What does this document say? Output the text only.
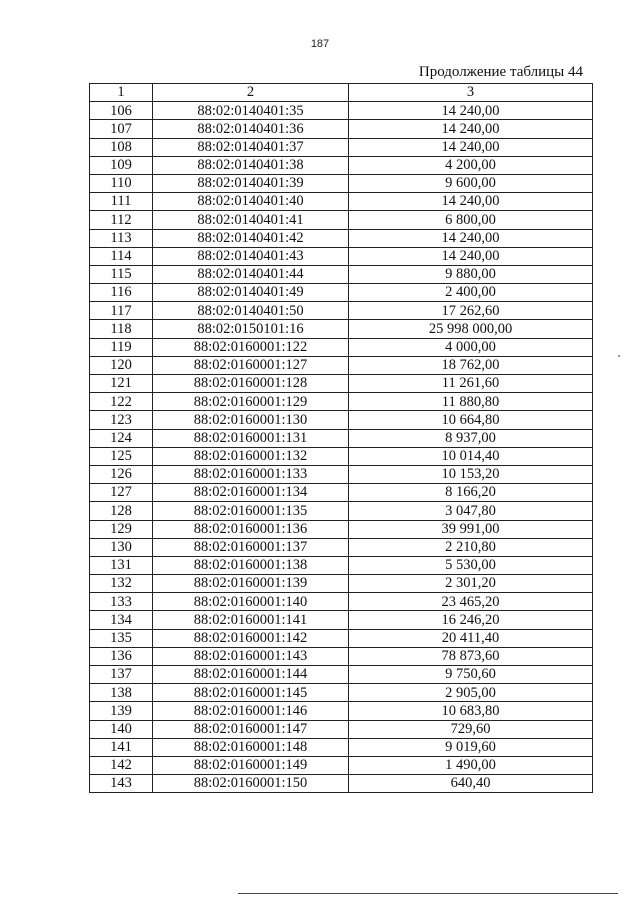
187
Продолжение таблицы 44
1	2	3
106	88:02:0140401:35	14 240,00
107	88:02:0140401:36	14 240,00
108	88:02:0140401:37	14 240,00
109	88:02:0140401:38	4 200,00
110	88:02:0140401:39	9 600,00
111	88:02:0140401:40	14 240,00
112	88:02:0140401:41	6 800,00
113	88:02:0140401:42	14 240,00
114	88:02:0140401:43	14 240,00
115	88:02:0140401:44	9 880,00
116	88:02:0140401:49	2 400,00
117	88:02:0140401:50	17 262,60
118	88:02:0150101:16	25 998 000,00
119	88:02:0160001:122	4 000,00
120	88:02:0160001:127	18 762,00
121	88:02:0160001:128	11 261,60
122	88:02:0160001:129	11 880,80
123	88:02:0160001:130	10 664,80
124	88:02:0160001:131	8 937,00
125	88:02:0160001:132	10 014,40
126	88:02:0160001:133	10 153,20
127	88:02:0160001:134	8 166,20
128	88:02:0160001:135	3 047,80
129	88:02:0160001:136	39 991,00
130	88:02:0160001:137	2 210,80
131	88:02:0160001:138	5 530,00
132	88:02:0160001:139	2 301,20
133	88:02:0160001:140	23 465,20
134	88:02:0160001:141	16 246,20
135	88:02:0160001:142	20 411,40
136	88:02:0160001:143	78 873,60
137	88:02:0160001:144	9 750,60
138	88:02:0160001:145	2 905,00
139	88:02:0160001:146	10 683,80
140	88:02:0160001:147	729,60
141	88:02:0160001:148	9 019,60
142	88:02:0160001:149	1 490,00
143	88:02:0160001:150	640,40
